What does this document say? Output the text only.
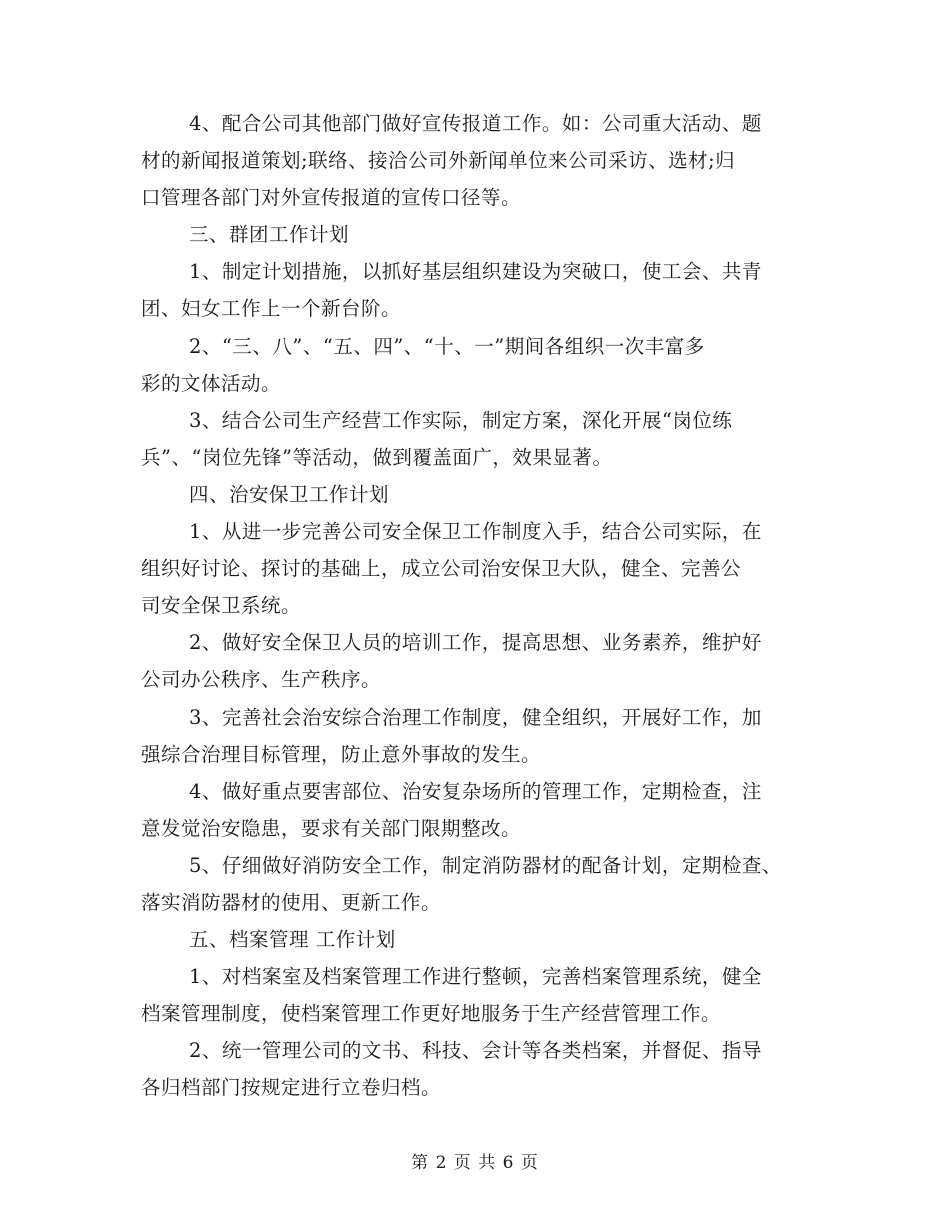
4、配合公司其他部门做好宣传报道工作。如：公司重大活动、题
材的新闻报道策划;联络、接洽公司外新闻单位来公司采访、选材;归
口管理各部门对外宣传报道的宣传口径等。
三、群团工作计划
1、制定计划措施，以抓好基层组织建设为突破口，使工会、共青
团、妇女工作上一个新台阶。
2、“三、八”、“五、四”、“十、一”期间各组织一次丰富多
彩的文体活动。
3、结合公司生产经营工作实际，制定方案，深化开展“岗位练
兵”、“岗位先锋”等活动，做到覆盖面广，效果显著。
四、治安保卫工作计划
1、从进一步完善公司安全保卫工作制度入手，结合公司实际，在
组织好讨论、探讨的基础上，成立公司治安保卫大队，健全、完善公
司安全保卫系统。
2、做好安全保卫人员的培训工作，提高思想、业务素养，维护好
公司办公秩序、生产秩序。
3、完善社会治安综合治理工作制度，健全组织，开展好工作，加
强综合治理目标管理，防止意外事故的发生。
4、做好重点要害部位、治安复杂场所的管理工作，定期检查，注
意发觉治安隐患，要求有关部门限期整改。
5、仔细做好消防安全工作，制定消防器材的配备计划，定期检查、
落实消防器材的使用、更新工作。
五、档案管理 工作计划
1、对档案室及档案管理工作进行整顿，完善档案管理系统，健全
档案管理制度，使档案管理工作更好地服务于生产经营管理工作。
2、统一管理公司的文书、科技、会计等各类档案，并督促、指导
各归档部门按规定进行立卷归档。
第 2 页 共 6 页
